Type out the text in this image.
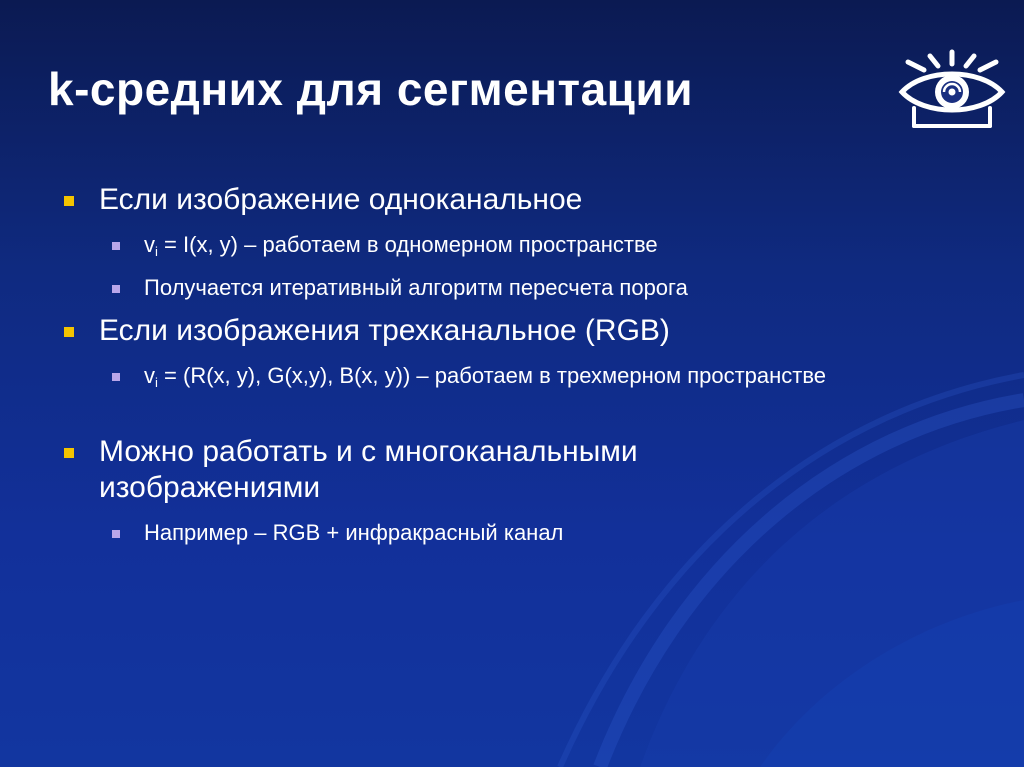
k-средних для сегментации
Если изображение одноканальное
$v_i = I(x$, y) – работаем в одномерном пространстве
Получается итеративный алгоритм пересчета порога
Если изображения трехканальное (RGB)
$v_i = (R(x$, y), G(x,y), B(x, y)) – работаем в трехмерном пространстве
Можно работать и с многоканальными изображениями
Например – RGB + инфракрасный канал
